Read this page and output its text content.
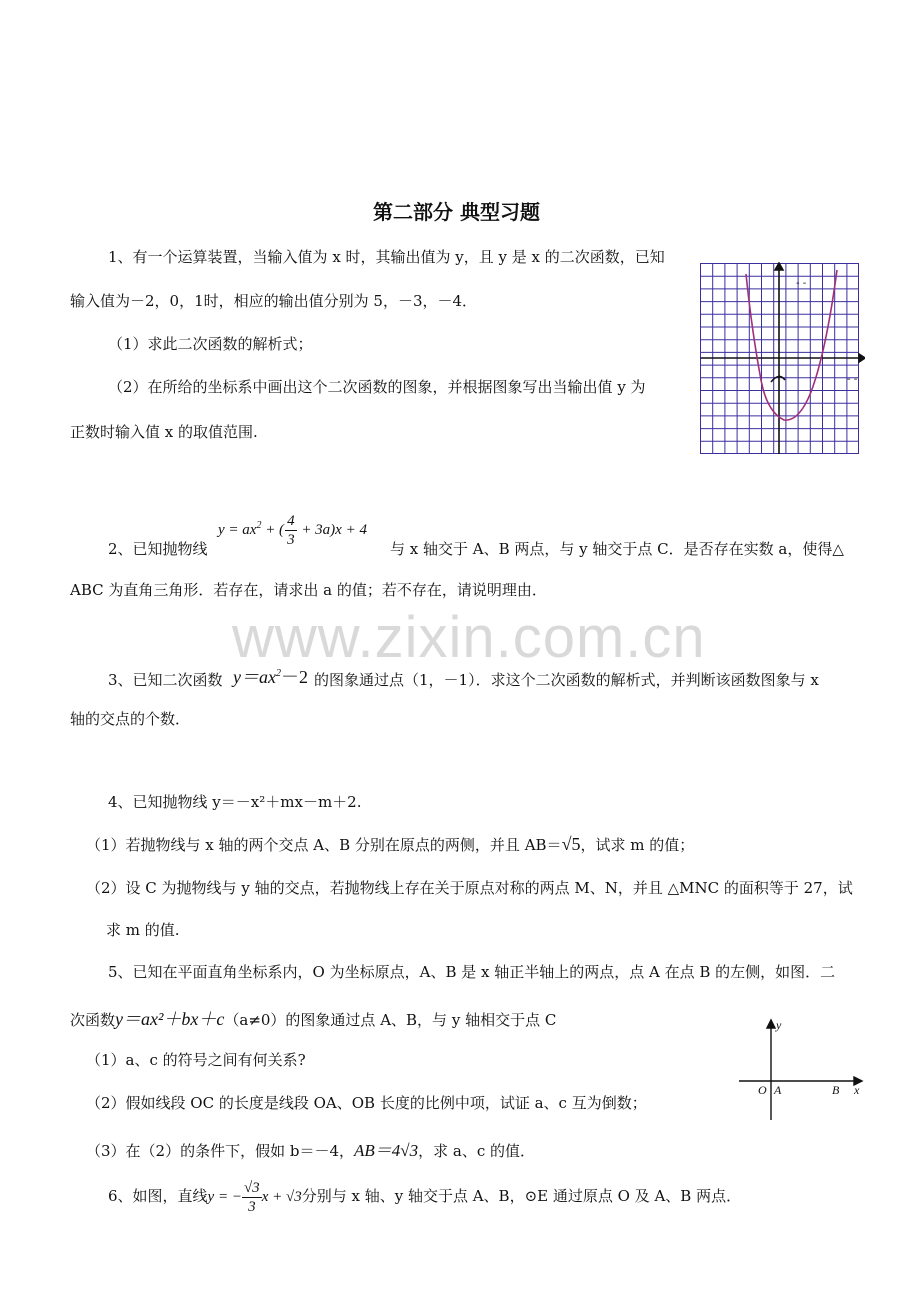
第二部分 典型习题
www.zixin.com.cn
1、有一个运算装置，当输入值为 x 时，其输出值为 y，且 y 是 x 的二次函数，已知
输入值为－2，0，1时，相应的输出值分别为 5，－3，－4．
（1）求此二次函数的解析式；
（2）在所给的坐标系中画出这个二次函数的图象，并根据图象写出当输出值 y 为
正数时输入值 x 的取值范围.
- -
- -
$y = ax^2$ + ( $\frac{4}{3} + 3a)x + 4$
2、已知抛物线	与 x 轴交于 A、B 两点，与 y 轴交于点 C．是否存在实数 a，使得△
ABC 为直角三角形．若存在，请求出 a 的值；若不存在，请说明理由．
3、已知二次函数 $y=ax^2-2$ 的图象通过点（1，－1）．求这个二次函数的解析式，并判断该函数图象与 x
轴的交点的个数．
4、已知抛物线 y＝－x²＋mx－m＋2.
（1）若抛物线与 x 轴的两个交点 A、B 分别在原点的两侧，并且 AB＝√5，试求 m 的值；
（2）设 C 为抛物线与 y 轴的交点，若抛物线上存在关于原点对称的两点 M、N，并且 △MNC 的面积等于 27，试
求 m 的值.
5、已知在平面直角坐标系内，O 为坐标原点，A、B 是 x 轴正半轴上的两点，点 A 在点 B 的左侧，如图．二
次函数y＝ax²＋bx＋c（a≠0）的图象通过点 A、B，与 y 轴相交于点 C
（1）a、c 的符号之间有何关系?
（2）假如线段 OC 的长度是线段 OA、OB 长度的比例中项，试证 a、c 互为倒数；
（3）在（2）的条件下，假如 b＝－4，AB＝4√3，求 a、c 的值．
y
x
O A	B
6、如图，直线y = − $\frac{√3}{3}$ x + √3分别与 x 轴、y 轴交于点 A、B，⊙E 通过原点 O 及 A、B 两点．
